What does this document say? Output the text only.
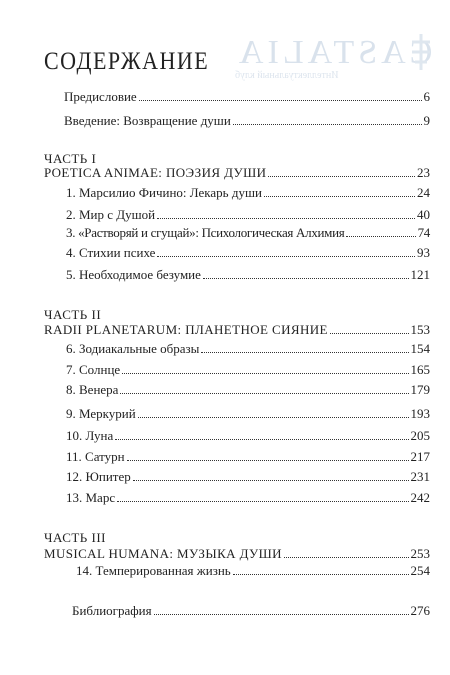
CASTALIA
Интеллектуальный клуб
СОДЕРЖАНИЕ
Предисловие	6
Введение: Возвращение души	9
ЧАСТЬ I
POETICA ANIMAE: ПОЭЗИЯ ДУШИ	23
1. Марсилио Фичино: Лекарь души	24
2. Мир с Душой	40
3. «Растворяй и сгущай»: Психологическая Алхимия	74
4. Стихии психе	93
5. Необходимое безумие	121
ЧАСТЬ II
RADII PLANETARUM: ПЛАНЕТНОЕ СИЯНИЕ	153
6. Зодиакальные образы	154
7. Солнце	165
8. Венера	179
9. Меркурий	193
10. Луна	205
11. Сатурн	217
12. Юпитер	231
13. Марс	242
ЧАСТЬ III
MUSICAL HUMANA: МУЗЫКА ДУШИ	253
14. Темперированная жизнь	254
Библиография	276
